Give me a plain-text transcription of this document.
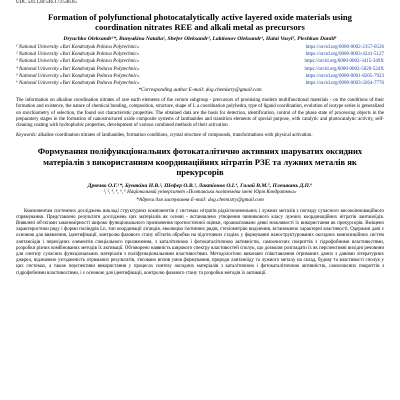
UDC 541.128:546.173:546.65
Formation of polyfunctional photocatalytically active layered oxide materials using coordination nitrates REE and alkali metal as precursors
Dryuchko Oleksandr¹*, Bunyakina Natalia¹, Shefer Oleksandr³, Laktionov Oleksandr⁴, Halai Vasyl⁵, Pleshkan Daniil⁶
¹ National University «Yuri Kondratyuk Poltava Polytechnic»	https://orcid.org/0000-0002-2157-0526
² National University «Yuri Kondratyuk Poltava Polytechnic»	https://orcid.org/0000-0003-4241-5127
³ National University «Yuri Kondratyuk Poltava Polytechnic»	https://orcid.org/0000-0002-3415-349X
⁴ National University «Yuri Kondratyuk Poltava Polytechnic»	https://orcid.org/0000-0002-5020-524X
⁵ National University «Yuri Kondratyuk Poltava Polytechnic»	https://orcid.org/0000-0001-8205-7923
⁶ National University «Yuri Kondratyuk Poltava Polytechnic»	https://orcid.org/0000-0003-3264-7776
*Corresponding author E-mail: dog.chemistry@gmail.com
The information on alkaline coordination nitrates of rare earth elements of the cerium subgroup - precursors of promising modern multifunctional materials - on the conditions of their formation and existence, the nature of chemical bonding, composition, structure, shape of L a coordination polyhedra, type of ligand coordination, evolution of isotype series is generalized on stoichiometry of selection, the found out characteristic properties. The obtained data are the basis for detection, identification, control of the phase state of processing objects in the preparatory stages in the formation of nanostructured oxide composite systems of lanthanides and transition elements of special purpose, with catalytic and photocatalytic activity, self-cleaning coating with hydrophobic properties, development of various combined methods of their activation
Keywords: alkaline coordination nitrates of lanthanides, formation conditions, crystal structure of compounds, transformations with physical activation.
Формування поліфункціональних фотокаталітично активних шаруватих оксидних матеріалів з використанням координаційних нітратів РЗЕ та лужних металів як прекурсорів
Дрючко О.Г.¹*, Бунякіна Н.В.², Шефер О.В.³, Лактіонов О.І.⁴, Галай В.М.⁵, Плешкань Д.П.⁶
¹, ², ³, ⁴, ⁵, ⁶ Національний університет «Полтавська політехніка імені Юрія Кондратюка»
*Адреса для листування E-mail: dog.chemistry@gmail.com
Компонентам системних досліджень викладі структурних компонентів у системах нітратів рідкісноземельних і лужних металів з погляду сучасного високоінноваційного спрямування. Представлено результати досліджень цих матеріалів як основі - встановлено утворення чинникового класу лужних координаційних нітратів лантаноїдів. Виявлені об'єктами закономірності широко функціонального призначення прогностичної оцінки, проаналізовано деякі можливості їх використання як прекурсорів. Вміщено характеристики ряду і форми поліедрів Ln, тип координації лігандів, еволюцію ізотипних рядів, стехіометрію виділення, встановлено характерні властивості. Одержані дані є основою для виявлення, ідентифікації, контролю фазового стану об'єктів обробки на підготовчих стадіях у формуванні наноструктурованих оксидних композиційних систем лантаноїдів і перехідних елементів спеціального призначення, з каталітичною і фотокаталітичною активністю, самоочисних покриттів з гідрофобними властивостями, розробки різних комбінованих методів їх активації. Обговорено наявність широкого спектру властивостей сполук, що дозволяє розглядати їх як перспективні вихідні речовини для синтезу сучасних функціональних матеріалів з поліфункціональними властивостями. Методологічно виконано співставлення отриманих даних з даними літературних джерел, відзначено узгодженість отриманих результатів, з'ясовано вплив умов формування, природи лантаноїду та лужного металу на склад, будову та властивості сполук у цих системах, а також перспективи використання у процесах синтезу оксидних матеріалів з каталітичною і фотокаталітичною активністю, самоочисних покриттів з гідрофобними властивостями, і є основою для ідентифікації, контролю фазового стану та розробки методів їх активації.
